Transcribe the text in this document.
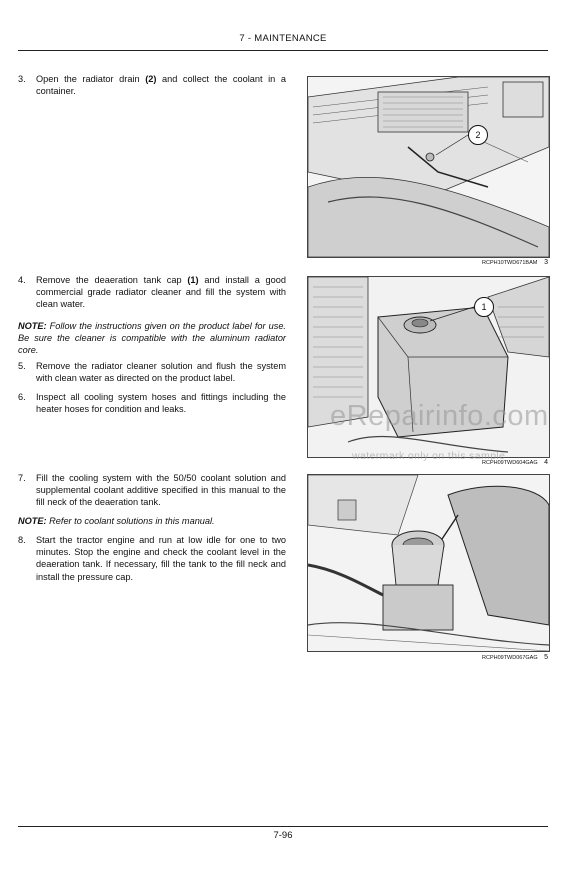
7 - MAINTENANCE
3. Open the radiator drain (2) and collect the coolant in a container.
4. Remove the deaeration tank cap (1) and install a good commercial grade radiator cleaner and fill the system with clean water.
NOTE: Follow the instructions given on the product label for use. Be sure the cleaner is compatible with the aluminum radiator core.
5. Remove the radiator cleaner solution and flush the system with clean water as directed on the product label.
6. Inspect all cooling system hoses and fittings including the heater hoses for condition and leaks.
7. Fill the cooling system with the 50/50 coolant solution and supplemental coolant additive specified in this manual to the fill neck of the deaeration tank.
NOTE: Refer to coolant solutions in this manual.
8. Start the tractor engine and run at low idle for one to two minutes. Stop the engine and check the coolant level in the deaeration tank. If necessary, fill the tank to the fill neck and install the pressure cap.
2
RCPH10TWD671BAM 3
1
RCPH09TWD604GAG 4
RCPH09TWD067GAG 5
eRepairinfo.com
watermark only on this sample
7-96
